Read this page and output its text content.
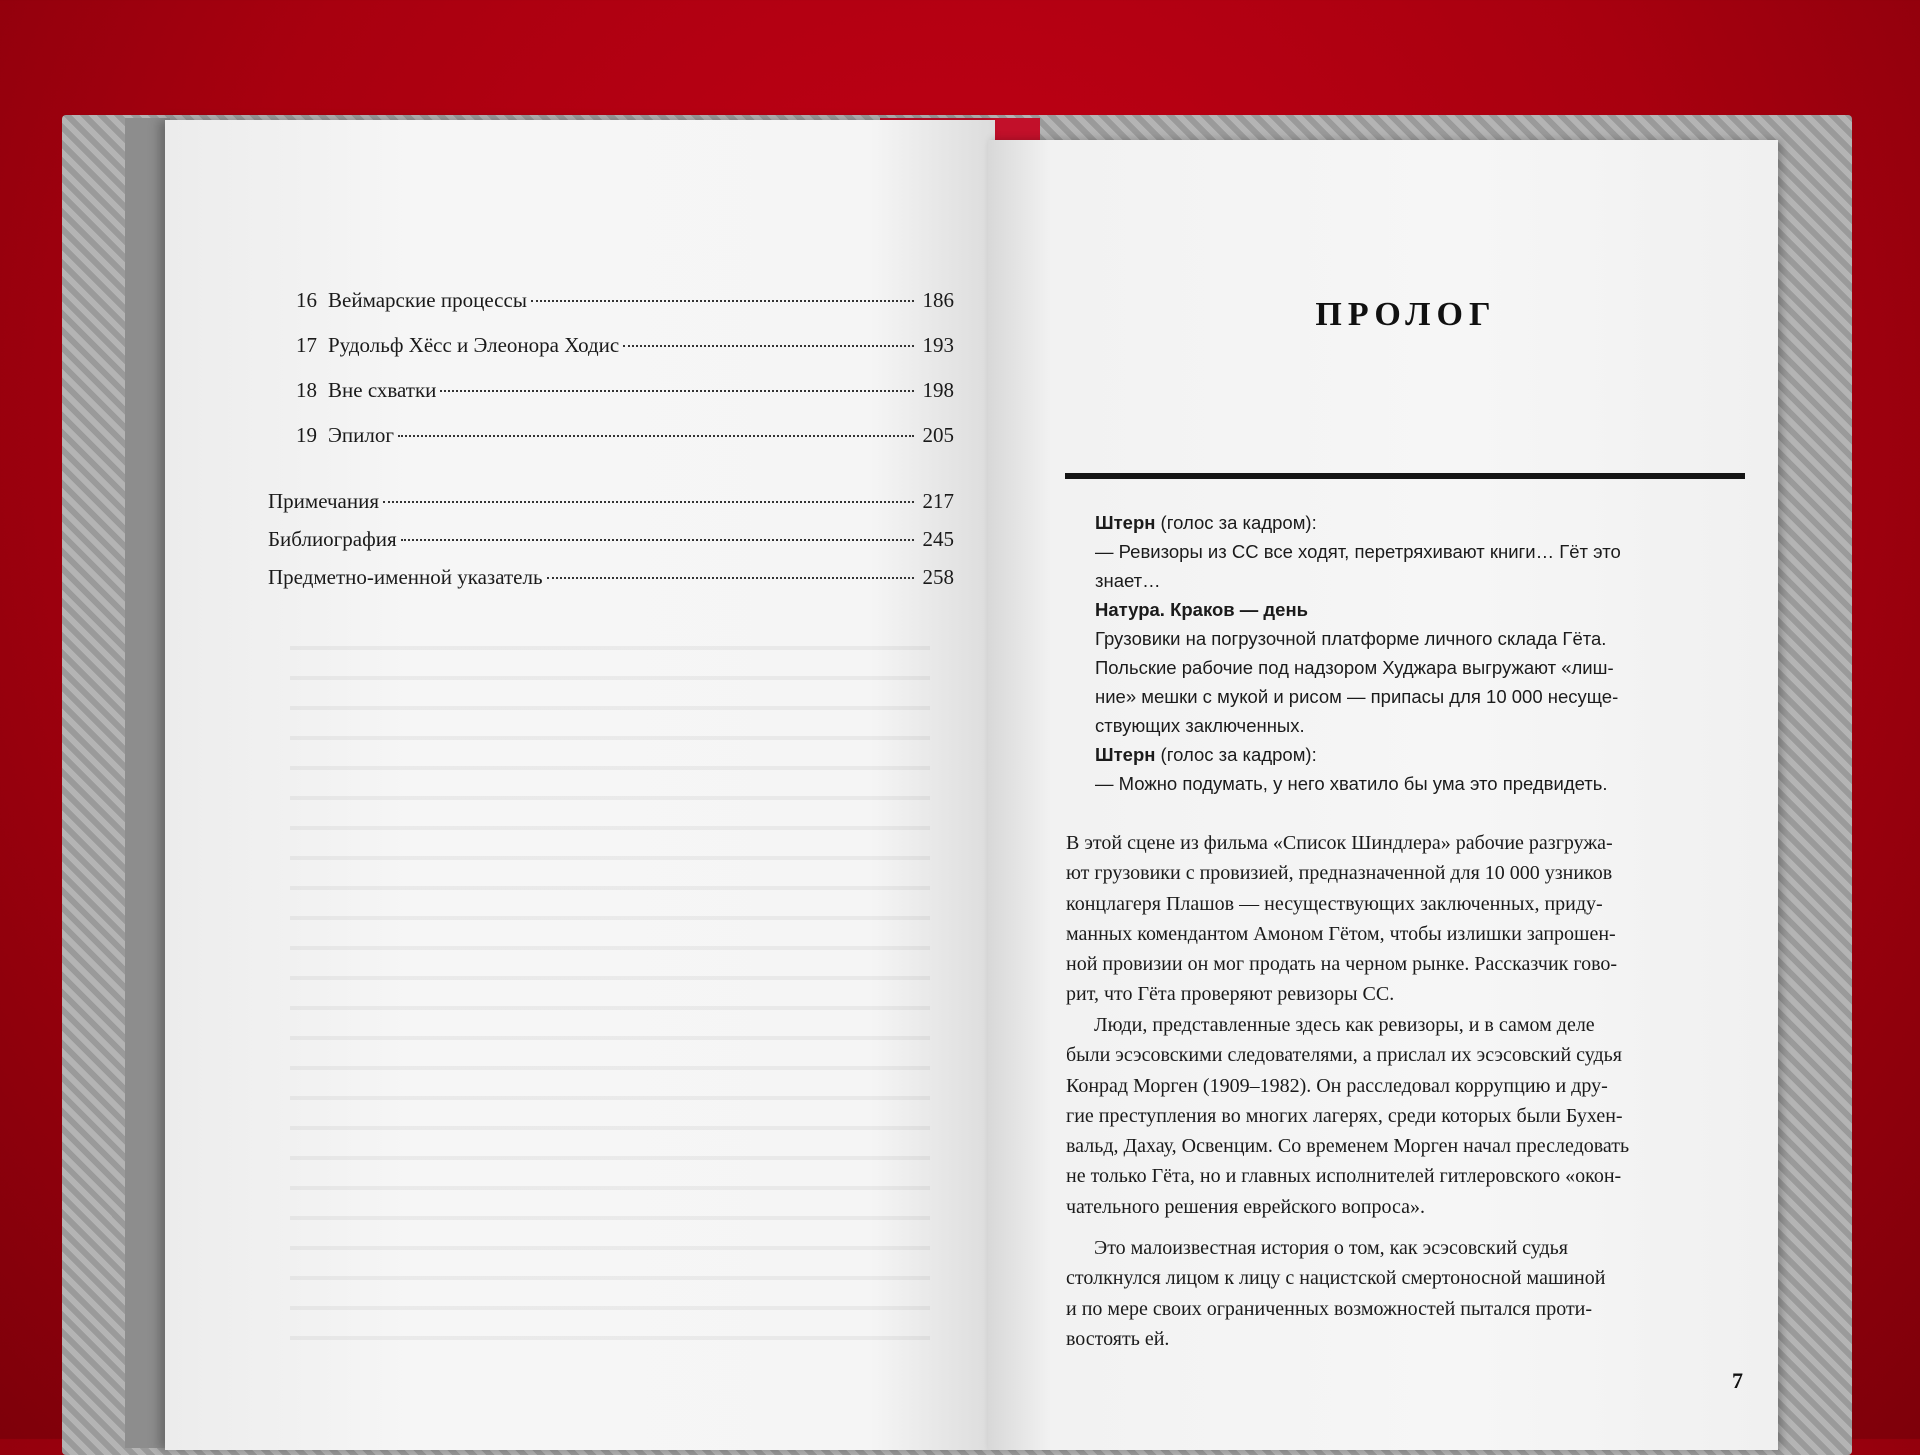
16 Веймарские процессы	186
17 Рудольф Хёсс и Элеонора Ходис	193
18 Вне схватки	198
19 Эпилог	205
Примечания	217
Библиография	245
Предметно-именной указатель	258
ПРОЛОГ
Штерн (голос за кадром):
— Ревизоры из СС все ходят, перетряхивают книги… Гёт это
знает…
Натура. Краков — день
Грузовики на погрузочной платформе личного склада Гёта.
Польские рабочие под надзором Худжара выгружают «лиш-
ние» мешки с мукой и рисом — припасы для 10 000 несуще-
ствующих заключенных.
Штерн (голос за кадром):
— Можно подумать, у него хватило бы ума это предвидеть.
В этой сцене из фильма «Список Шиндлера» рабочие разгружа-
ют грузовики с провизией, предназначенной для 10 000 узников
концлагеря Плашов — несуществующих заключенных, приду-
манных комендантом Амоном Гётом, чтобы излишки запрошен-
ной провизии он мог продать на черном рынке. Рассказчик гово-
рит, что Гёта проверяют ревизоры СС.
Люди, представленные здесь как ревизоры, и в самом деле
были эсэсовскими следователями, а прислал их эсэсовский судья
Конрад Морген (1909–1982). Он расследовал коррупцию и дру-
гие преступления во многих лагерях, среди которых были Бухен-
вальд, Дахау, Освенцим. Со временем Морген начал преследовать
не только Гёта, но и главных исполнителей гитлеровского «окон-
чательного решения еврейского вопроса».
Это малоизвестная история о том, как эсэсовский судья
столкнулся лицом к лицу с нацистской смертоносной машиной
и по мере своих ограниченных возможностей пытался проти-
востоять ей.
7
